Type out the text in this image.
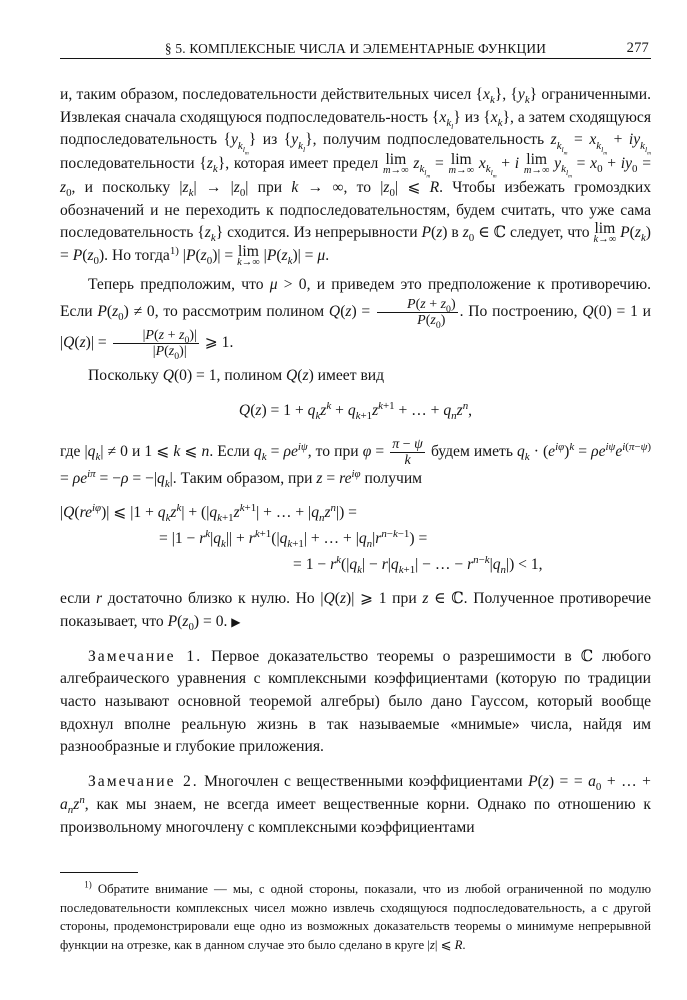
§ 5. КОМПЛЕКСНЫЕ ЧИСЛА И ЭЛЕМЕНТАРНЫЕ ФУНКЦИИ	277

и, таким образом, последовательности действительных чисел $\{x_k\}$, $\{y_k\}$ ограниченными. Извлекая сначала сходящуюся подпоследователь-ность $\{x_{k_l}\}$ из $\{x_k\}$, а затем сходящуюся подпоследовательность $\{y_{k_{l_m}}\}$ из $\{y_{k_l}\}$, получим подпоследовательность $z_{k_{l_m}} = x_{k_{l_m}} + iy_{k_{l_m}}$ последовательности $\{z_k\}$, которая имеет предел lim
m→∞ $z_{k_{l_m}} = \lim$
m→∞ $x_{k_{l_m}} + i$ lim
m→∞ $y_{k_{l_m}} = x_0 + iy_0 = z_0$, и поскольку $|z_k| \to |z_0|$ при k → ∞, то $|z_0|$ ⩽ R. Чтобы избежать громоздких обозначений и не переходить к подпоследовательностям, будем считать, что уже сама последовательность $\{z_k\}$ сходится. Из непрерывности P(z) в $z_0$ ∈ ℂ следует, что lim
k→∞ $P(z_k) = P(z_0)$. Но тогда$^{1)}$ $|P(z_0)| = \lim$
k→∞ $|P(z_k)| = \mu$.

Теперь предположим, что μ > 0, и приведем это предположение к противоречию. Если $P(z_0) \ne 0$, то рассмотрим полином $Q(z) = \frac{P(z + z_0)}{P(z_0)}$ . По построению, Q(0) = 1 и $|Q(z)| = \frac{|P(z + z_0)|}{|P(z_0)|}$ ⩾ 1.

Поскольку Q(0) = 1, полином Q(z) имеет вид

$Q(z) = 1 + q_kz^k + q_{k+1}z^{k+1}$ + … + $q_nz^n$,

где $|q_k| \ne 0$ и 1 ⩽ k ⩽ n. Если $q_k = \rho e^{i\psi}$, то при $\varphi = \frac{\pi - \psi}{k}$ будем иметь $q_k \cdot (e^{i\varphi})^k = \rho e^{i\psi}e^{i(\pi-\psi)} = \rho e^{i\pi} = -\rho = -|q_k|$. Таким образом, при $z = re^{i\varphi}$ получим

$|Q(re^{i\varphi})|$ ⩽ $|1 + q_kz^k| + (|q_{k+1}z^{k+1}|$ + … + $|q_nz^n|$) =
= $|1 - r^k|q_k|| + r^{k+1}(|q_{k+1}|$ + … + $|q_n|r^{n-k-1}$) =
= $1 - r^k(|q_k| - r|q_{k+1}|$ − … − $r^{n-k}|q_n|) < 1$,

если r достаточно близко к нулю. Но |Q(z)| ⩾ 1 при z ∈ ℂ. Полученное противоречие показывает, что $P(z_0) = 0$. ▶

Замечание 1. Первое доказательство теоремы о разрешимости в ℂ любого алгебраического уравнения с комплексными коэффициентами (которую по традиции часто называют основной теоремой алгебры) было дано Гауссом, который вообще вдохнул вполне реальную жизнь в так называемые «мнимые» числа, найдя им разнообразные и глубокие приложения.

Замечание 2. Многочлен с вещественными коэффициентами P(z) = = $a_0$ + … + $a_nz^n$, как мы знаем, не всегда имеет вещественные корни. Однако по отношению к произвольному многочлену с комплексными коэффициентами

$^{1)}$ Обратите внимание — мы, с одной стороны, показали, что из любой ограниченной по модулю последовательности комплексных чисел можно извлечь сходящуюся подпоследовательность, а с другой стороны, продемонстрировали еще одно из возможных доказательств теоремы о минимуме непрерывной функции на отрезке, как в данном случае это было сделано в круге |z| ⩽ R.
